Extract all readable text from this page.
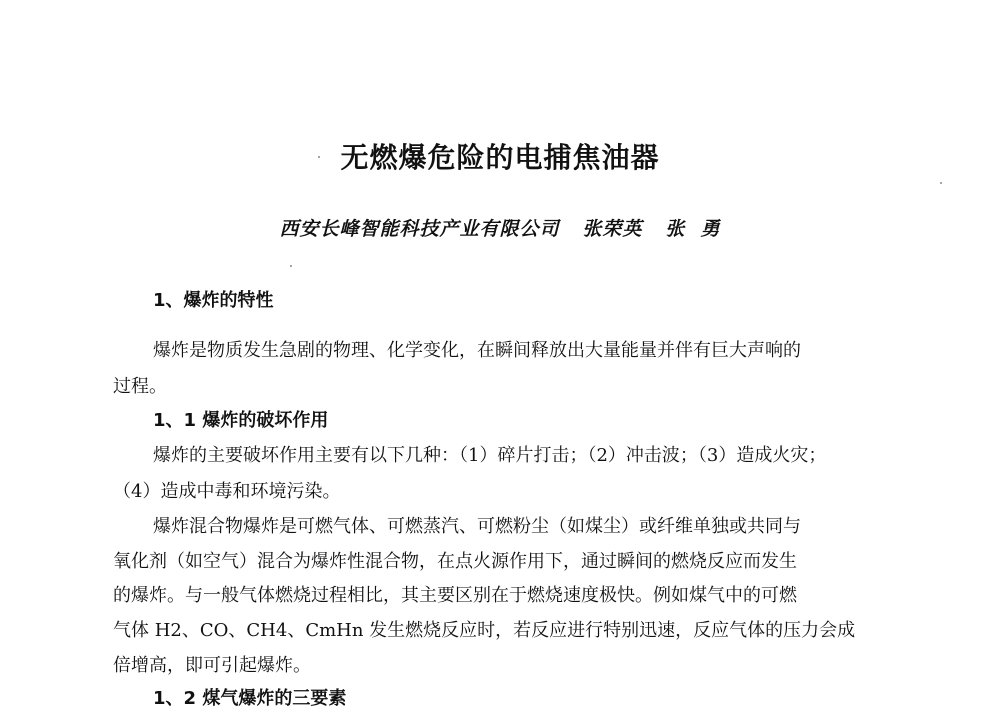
无燃爆危险的电捕焦油器
西安长峰智能科技产业有限公司   张荣英   张  勇
1、爆炸的特性
爆炸是物质发生急剧的物理、化学变化，在瞬间释放出大量能量并伴有巨大声响的
过程。
1、1 爆炸的破坏作用
爆炸的主要破坏作用主要有以下几种：（1）碎片打击；（2）冲击波；（3）造成火灾；
（4）造成中毒和环境污染。
爆炸混合物爆炸是可燃气体、可燃蒸汽、可燃粉尘（如煤尘）或纤维单独或共同与
氧化剂（如空气）混合为爆炸性混合物，在点火源作用下，通过瞬间的燃烧反应而发生
的爆炸。与一般气体燃烧过程相比，其主要区别在于燃烧速度极快。例如煤气中的可燃
气体 H2、CO、CH4、CmHn 发生燃烧反应时，若反应进行特别迅速，反应气体的压力会成
倍增高，即可引起爆炸。
1、2 煤气爆炸的三要素
